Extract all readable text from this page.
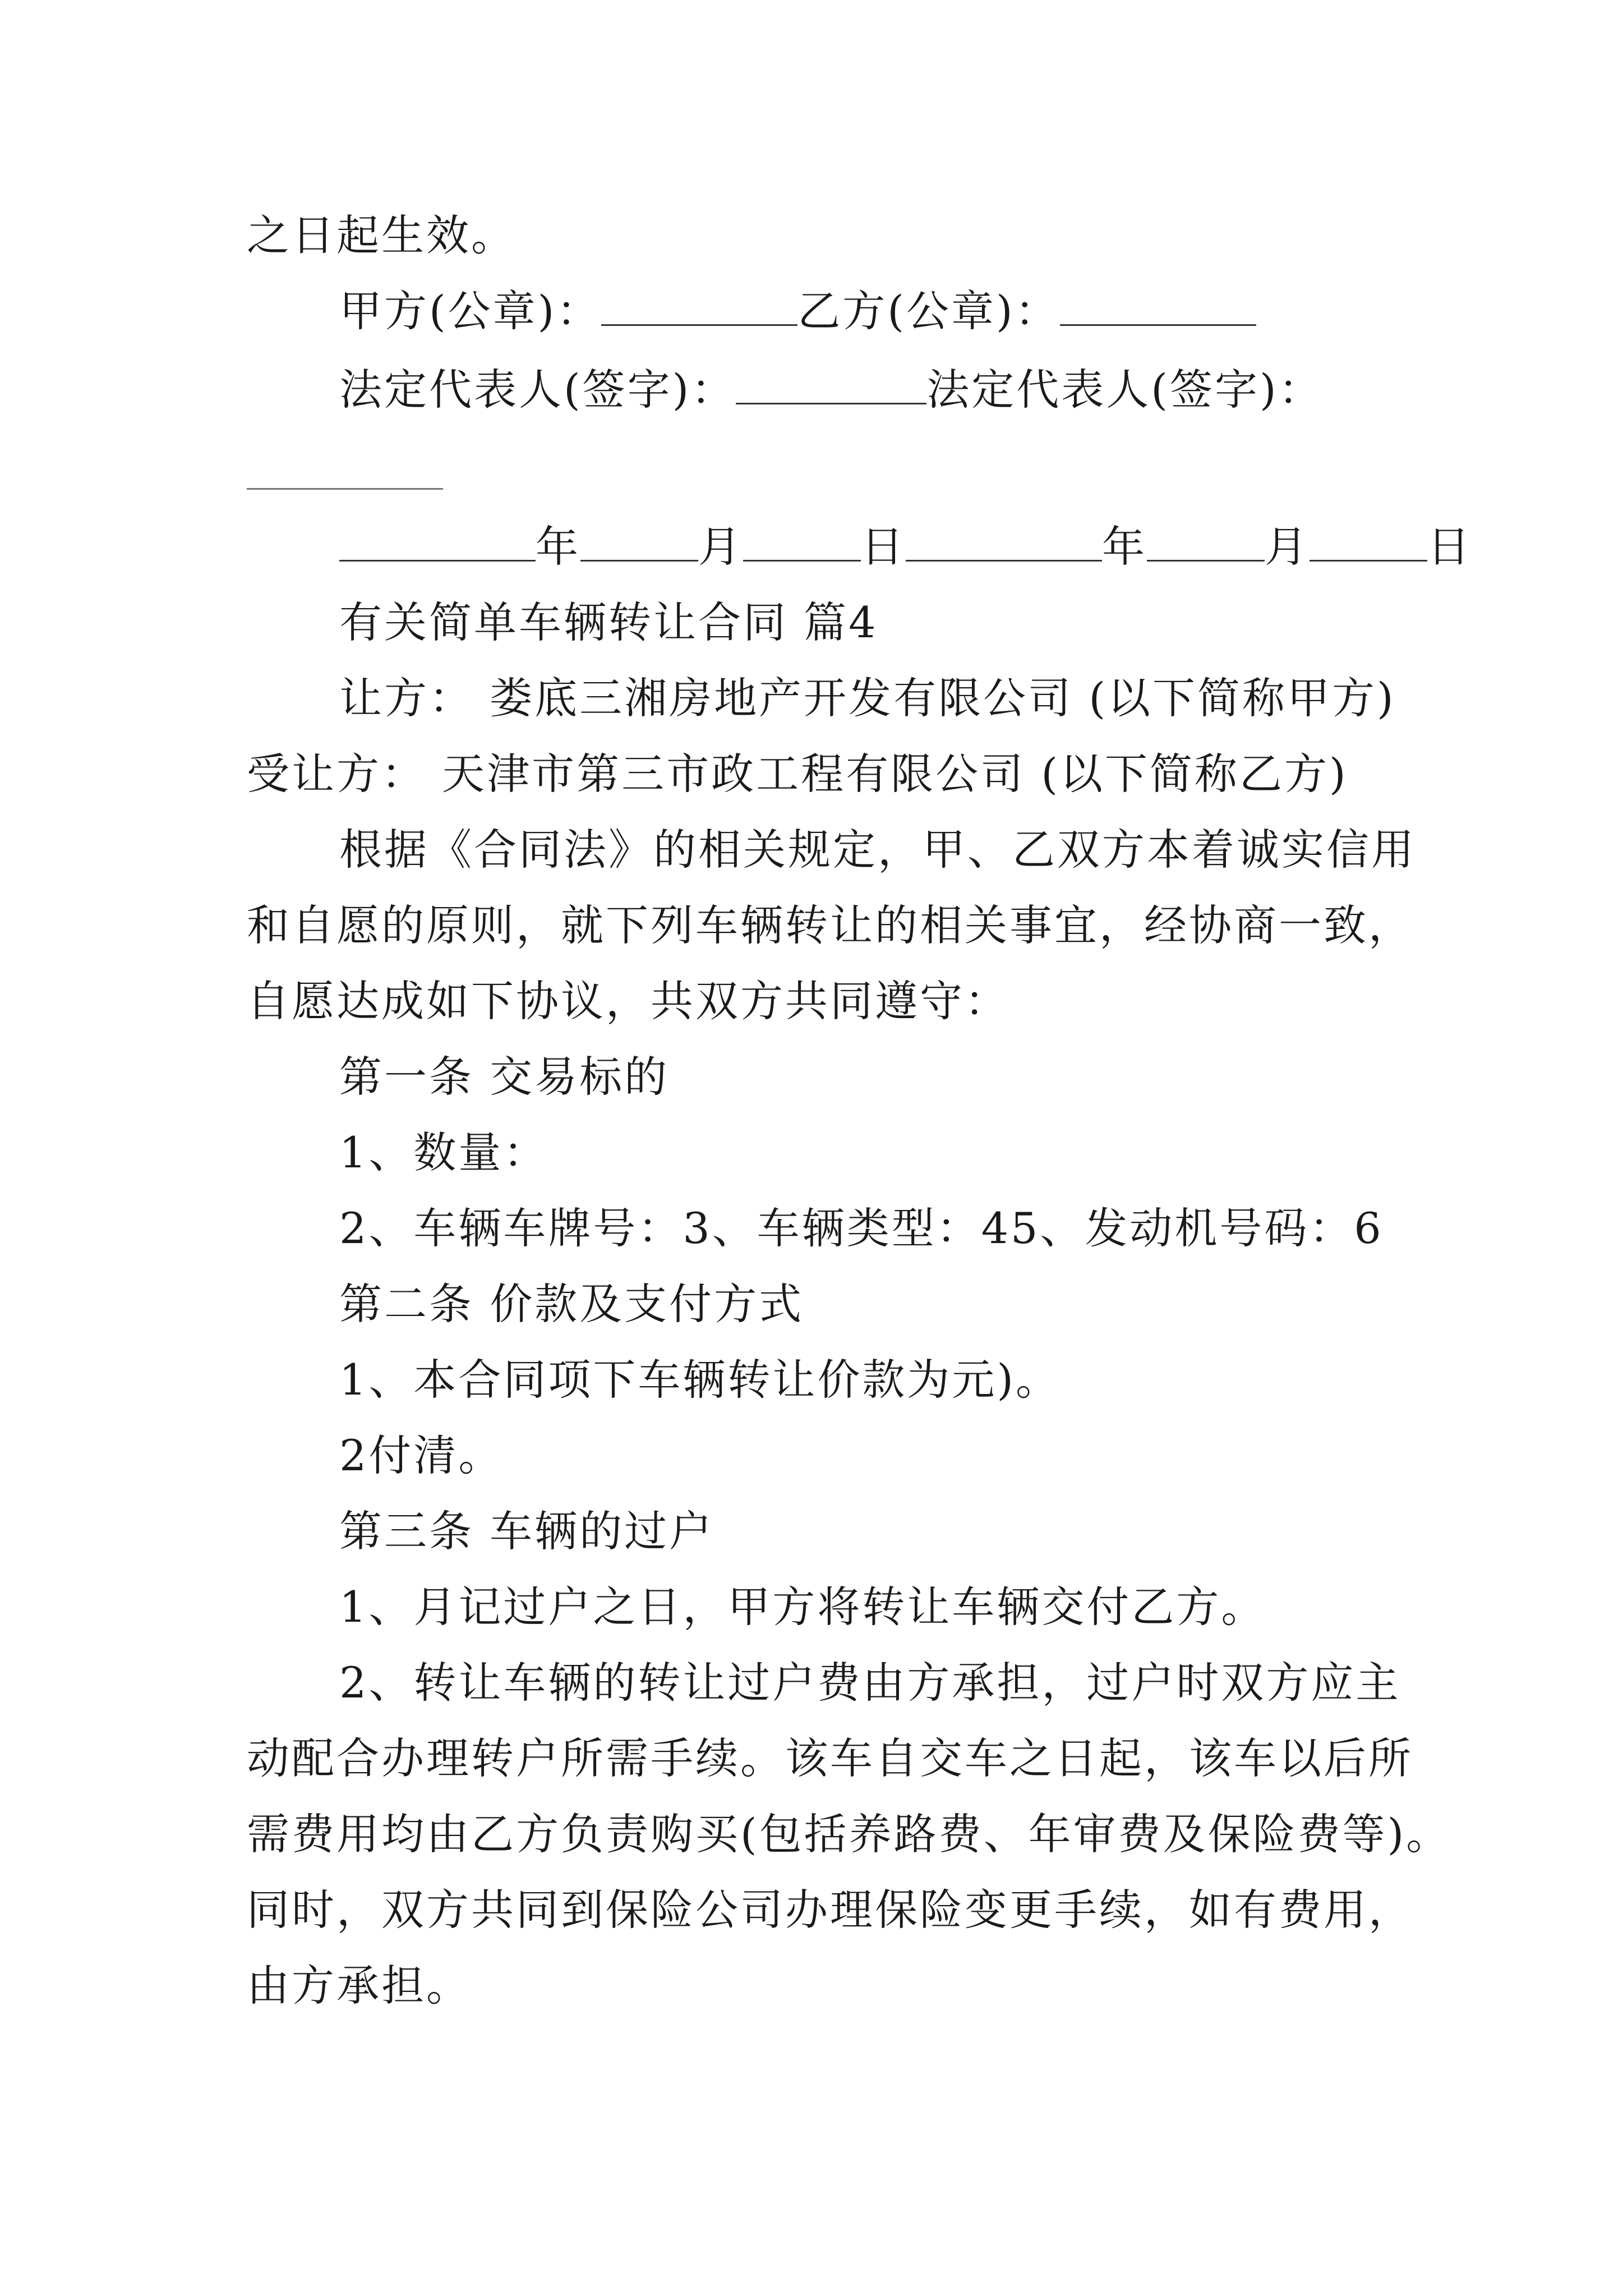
之日起生效。
甲方(公章)：	乙方(公章)：
法定代表人(签字)：	法定代表人(签字)：
年	月	日	年	月	日
有关简单车辆转让合同 篇4
让方： 娄底三湘房地产开发有限公司 (以下简称甲方)
受让方： 天津市第三市政工程有限公司 (以下简称乙方)
根据《合同法》的相关规定，甲、乙双方本着诚实信用
和自愿的原则，就下列车辆转让的相关事宜，经协商一致，
自愿达成如下协议，共双方共同遵守：
第一条 交易标的
1、数量：
2、车辆车牌号：3、车辆类型：45、发动机号码：6
第二条 价款及支付方式
1、本合同项下车辆转让价款为元)。
2付清。
第三条 车辆的过户
1、月记过户之日，甲方将转让车辆交付乙方。
2、转让车辆的转让过户费由方承担，过户时双方应主
动配合办理转户所需手续。该车自交车之日起，该车以后所
需费用均由乙方负责购买(包括养路费、年审费及保险费等)。
同时，双方共同到保险公司办理保险变更手续，如有费用，
由方承担。
